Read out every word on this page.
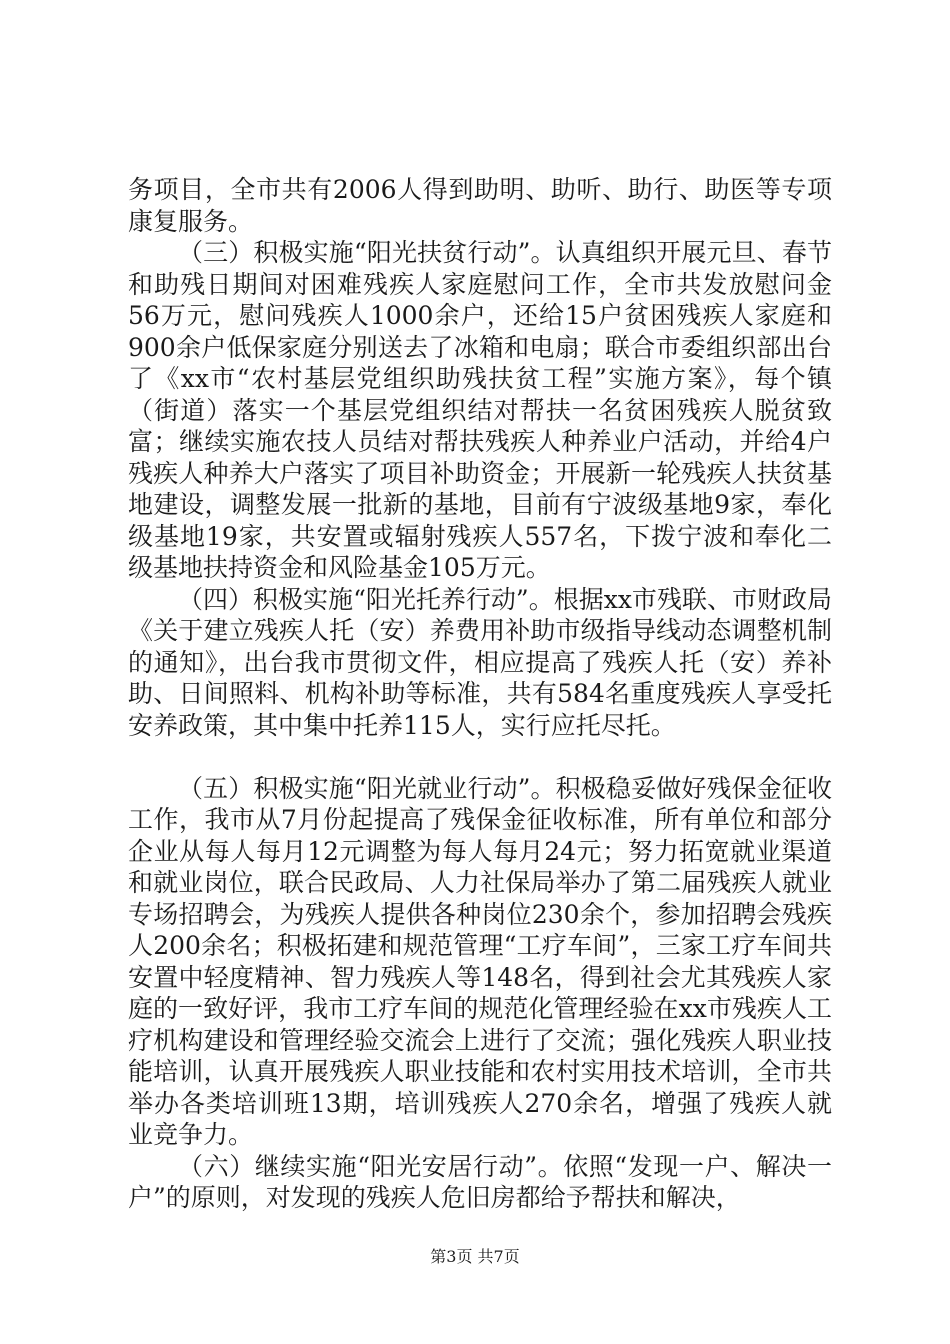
务项目，全市共有2006人得到助明、助听、助行、助医等专项康复服务。

（三）积极实施“阳光扶贫行动”。认真组织开展元旦、春节和助残日期间对困难残疾人家庭慰问工作，全市共发放慰问金56万元，慰问残疾人1000余户，还给15户贫困残疾人家庭和900余户低保家庭分别送去了冰箱和电扇；联合市委组织部出台了《xx市“农村基层党组织助残扶贫工程”实施方案》，每个镇（街道）落实一个基层党组织结对帮扶一名贫困残疾人脱贫致富；继续实施农技人员结对帮扶残疾人种养业户活动，并给4户残疾人种养大户落实了项目补助资金；开展新一轮残疾人扶贫基地建设，调整发展一批新的基地，目前有宁波级基地9家，奉化级基地19家，共安置或辐射残疾人557名，下拨宁波和奉化二级基地扶持资金和风险基金105万元。

（四）积极实施“阳光托养行动”。根据xx市残联、市财政局《关于建立残疾人托（安）养费用补助市级指导线动态调整机制的通知》，出台我市贯彻文件，相应提高了残疾人托（安）养补助、日间照料、机构补助等标准，共有584名重度残疾人享受托安养政策，其中集中托养115人，实行应托尽托。

（五）积极实施“阳光就业行动”。积极稳妥做好残保金征收工作，我市从7月份起提高了残保金征收标准，所有单位和部分企业从每人每月12元调整为每人每月24元；努力拓宽就业渠道和就业岗位，联合民政局、人力社保局举办了第二届残疾人就业专场招聘会，为残疾人提供各种岗位230余个，参加招聘会残疾人200余名；积极拓建和规范管理“工疗车间”，三家工疗车间共安置中轻度精神、智力残疾人等148名，得到社会尤其残疾人家庭的一致好评，我市工疗车间的规范化管理经验在xx市残疾人工疗机构建设和管理经验交流会上进行了交流；强化残疾人职业技能培训，认真开展残疾人职业技能和农村实用技术培训，全市共举办各类培训班13期，培训残疾人270余名，增强了残疾人就业竞争力。

（六）继续实施“阳光安居行动”。依照“发现一户、解决一户”的原则，对发现的残疾人危旧房都给予帮扶和解决，

第3页 共7页
